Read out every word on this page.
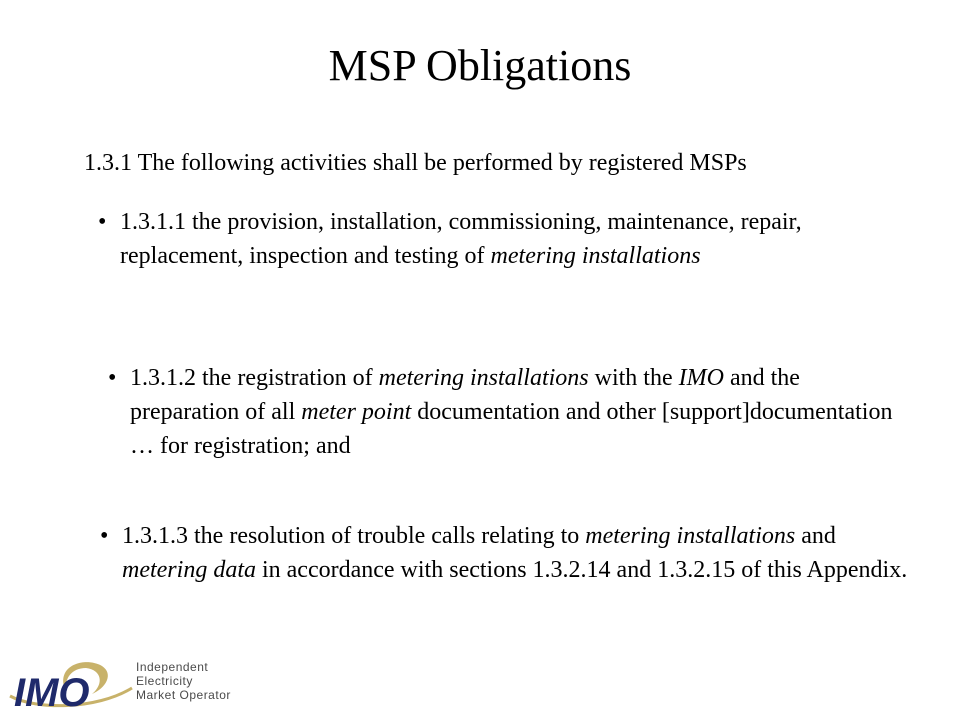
MSP Obligations
1.3.1 The following activities shall be performed by registered MSPs
• 1.3.1.1 the provision, installation, commissioning, maintenance, repair, replacement, inspection and testing of metering installations

• 1.3.1.2 the registration of metering installations with the IMO and the preparation of all meter point documentation and other [support]documentation … for registration; and

• 1.3.1.3 the resolution of trouble calls relating to metering installations and metering data in accordance with sections 1.3.2.14 and 1.3.2.15 of this Appendix.

IMO
Independent
Electricity
Market Operator
